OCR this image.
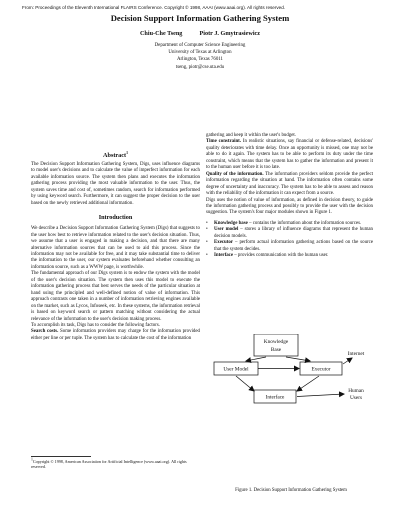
From: Proceedings of the Eleventh International FLAIRS Conference. Copyright © 1998, AAAI (www.aaai.org). All rights reserved.
Decision Support Information Gathering System
Chiu-Che Tseng	Piotr J. Gmytrasiewicz
Department of Computer Science Engineering
University of Texas at Arlington
Arlington, Texas 76011
tseng, piotr@cse.uta.edu
Abstract$^1$

The Decision Support Information Gathering System, Digs, uses influence diagrams to model user's decisions and to calculate the value of imperfect information for each available information source. The system then plans and executes the information gathering process providing the most valuable information to the user. Thus, the system saves time and cost of, sometimes random, search for information performed by using keyword search. Furthermore, it can suggest the proper decision to the user based on the newly retrieved additional information.

Introduction

We describe a Decision Support Information Gathering System (Digs) that suggests to the user how best to retrieve information related to the user's decision situation. Thus, we assume that a user is engaged in making a decision, and that there are many alternative information sources that can be used to aid this process. Since the information may not be available for free, and it may take substantial time to deliver the information to the user, our system evaluates beforehand whether consulting an information source, such as a WWW page, is worthwhile.

The fundamental approach of our Digs system is to endow the system with the model of the user's decision situation. The system then uses this model to execute the information gathering process that best serves the needs of the particular situation at hand using the principled and well-defined notion of value of information. This approach contrasts one taken in a number of information retrieving engines available on the market, such as Lycos, Infoseek, etc. In these systems, the information retrieval is based on keyword search or pattern matching without considering the actual relevance of the information to the user's decision making process.

To accomplish its task, Digs has to consider the following factors.

Search costs. Some information providers may charge for the information provided either per line or per tuple. The system has to calculate the cost of the information

$^1$Copyright © 1998, American Association for Artificial Intelligence (www.aaai.org). All rights reserved.

gathering and keep it within the user's budget.

Time constraint. In realistic situations, say financial or defense-related, decisions' quality deteriorates with time delay. Once an opportunity is missed, one may not be able to do it again. The system has to be able to perform its duty under the time constraint, which means that the system has to gather the information and present it to the human user before it is too late.

Quality of the information. The information providers seldom provide the perfect information regarding the situation at hand. The information often contains some degree of uncertainty and inaccuracy. The system has to be able to assess and reason with the reliability of the information it can expect from a source.

Digs uses the notion of value of information, as defined in decision theory, to guide the information gathering process and possibly to provide the user with the decision suggestion. The system's four major modules shown in Figure 1.

• Knowledge base – contains the information about the information sources.
• User model – stores a library of influence diagrams that represent the human decision models.
• Executor – perform actual information gathering actions based on the source that the system decides.
• Interface – provides communication with the human user.
Knowledge
Base
User Model	Executor
Interface
Internet
Human
Users
Figure 1. Decision Support Information Gathering System
